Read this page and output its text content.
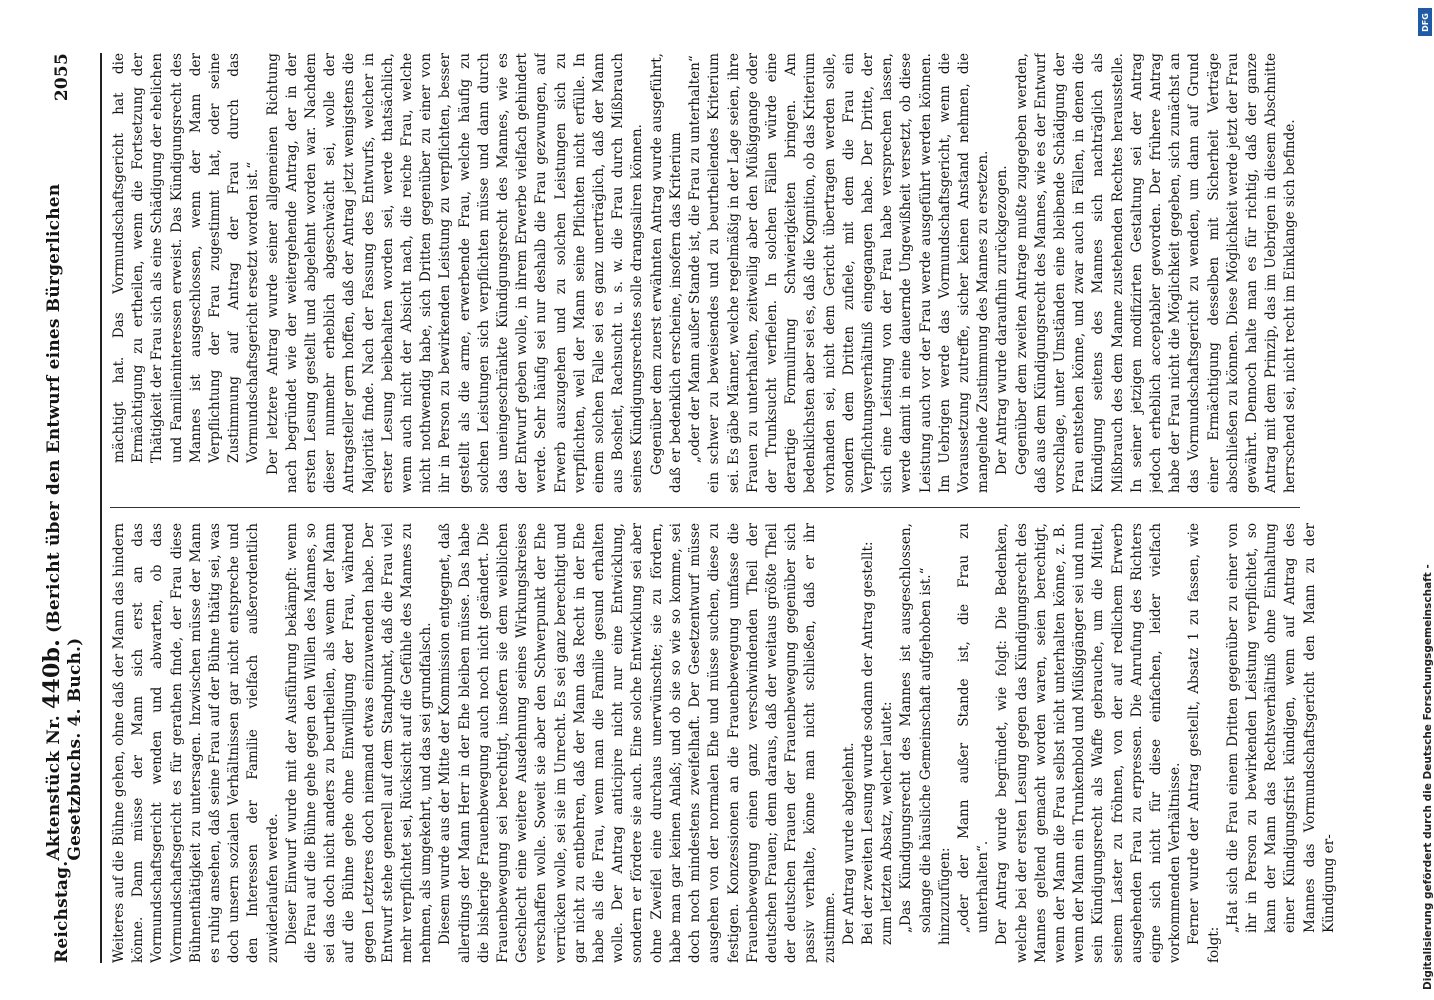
Reichstag.
Aktenstück Nr. 440b. (Bericht über den Entwurf eines Bürgerlichen Gesetzbuchs. 4. Buch.)
2055

Weiteres auf die Bühne gehen, ohne daß der Mann das hindern könne. Dann müsse der Mann sich erst an das Vormundschaftsgericht wenden und abwarten, ob das Vormundschaftsgericht es für gerathen finde, der Frau diese Bühnenthätigkeit zu untersagen. Inzwischen müsse der Mann es ruhig ansehen, daß seine Frau auf der Bühne thätig sei, was doch unsern sozialen Verhältnissen gar nicht entspreche und den Interessen der Familie vielfach außerordentlich zuwiderlaufen werde. Dieser Einwurf wurde mit der Ausführung bekämpft: wenn die Frau auf die Bühne gehe gegen den Willen des Mannes, so sei das doch nicht anders zu beurtheilen, als wenn der Mann auf die Bühne gehe ohne Einwilligung der Frau, während gegen Letzteres doch niemand etwas einzuwenden habe. Der Entwurf stehe generell auf dem Standpunkt, daß die Frau viel mehr verpflichtet sei, Rücksicht auf die Gefühle des Mannes zu nehmen, als umgekehrt, und das sei grundfalsch. Diesem wurde aus der Mitte der Kommission entgegnet, daß allerdings der Mann Herr in der Ehe bleiben müsse. Das habe die bisherige Frauenbewegung auch noch nicht geändert. Die Frauenbewegung sei berechtigt, insofern sie dem weiblichen Geschlecht eine weitere Ausdehnung seines Wirkungskreises verschaffen wolle. Soweit sie aber den Schwerpunkt der Ehe verrücken wolle, sei sie im Unrecht. Es sei ganz berechtigt und gar nicht zu entbehren, daß der Mann das Recht in der Ehe habe als die Frau, wenn man die Familie gesund erhalten wolle. Der Antrag anticipire nicht nur eine Entwicklung, sondern er fördere sie auch. Eine solche Entwicklung sei aber ohne Zweifel eine durchaus unerwünschte; sie zu fördern, habe man gar keinen Anlaß; und ob sie so wie so komme, sei doch noch mindestens zweifelhaft. Der Gesetzentwurf müsse ausgehen von der normalen Ehe und müsse suchen, diese zu festigen. Konzessionen an die Frauenbewegung umfasse die Frauenbewegung einen ganz verschwindenden Theil der deutschen Frauen; denn daraus, daß der weitaus größte Theil der deutschen Frauen der Frauenbewegung gegenüber sich passiv verhalte, könne man nicht schließen, daß er ihr zustimme. Der Antrag wurde abgelehnt. Bei der zweiten Lesung wurde sodann der Antrag gestellt: zum letzten Absatz, welcher lautet: „Das Kündigungsrecht des Mannes ist ausgeschlossen, solange die häusliche Gemeinschaft aufgehoben ist.“ hinzuzufügen: „oder der Mann außer Stande ist, die Frau zu unterhalten“. Der Antrag wurde begründet, wie folgt: Die Bedenken, welche bei der ersten Lesung gegen das Kündigungsrecht des Mannes geltend gemacht worden waren, seien berechtigt, wenn der Mann die Frau selbst nicht unterhalten könne, z. B. wenn der Mann ein Trunkenbold und Müßiggänger sei und nun sein Kündigungsrecht als Waffe gebrauche, um die Mittel, seinem Laster zu fröhnen, von der auf redlichem Erwerb ausgehenden Frau zu erpressen. Die Anrufung des Richters eigne sich nicht für diese einfachen, leider vielfach vorkommenden Verhältnisse. Ferner wurde der Antrag gestellt, Absatz 1 zu fassen, wie folgt:

„Hat sich die Frau einem Dritten gegenüber zu einer von ihr in Person zu bewirkenden Leistung verpflichtet, so kann der Mann das Rechtsverhältniß ohne Einhaltung einer Kündigungsfrist kündigen, wenn auf Antrag des Mannes das Vormundschaftsgericht den Mann zu der Kündigung er-

mächtigt hat. Das Vormundschaftsgericht hat die Ermächtigung zu ertheilen, wenn die Fortsetzung der Thätigkeit der Frau sich als eine Schädigung der ehelichen und Familieninteressen erweist. Das Kündigungsrecht des Mannes ist ausgeschlossen, wenn der Mann der Verpflichtung der Frau zugestimmt hat, oder seine Zustimmung auf Antrag der Frau durch das Vormundschaftsgericht ersetzt worden ist.“ Der letztere Antrag wurde seiner allgemeinen Richtung nach begründet wie der weitergehende Antrag, der in der ersten Lesung gestellt und abgelehnt worden war. Nachdem dieser nunmehr erheblich abgeschwächt sei, wolle der Antragsteller gern hoffen, daß der Antrag jetzt wenigstens die Majorität finde. Nach der Fassung des Entwurfs, welcher in erster Lesung beibehalten worden sei, werde thatsächlich, wenn auch nicht der Absicht nach, die reiche Frau, welche nicht nothwendig habe, sich Dritten gegenüber zu einer von ihr in Person zu bewirkenden Leistung zu verpflichten, besser gestellt als die arme, erwerbende Frau, welche häufig zu solchen Leistungen sich verpflichten müsse und dann durch das uneingeschränkte Kündigungsrecht des Mannes, wie es der Entwurf geben wolle, in ihrem Erwerbe vielfach gehindert werde. Sehr häufig sei nur deshalb die Frau gezwungen, auf Erwerb auszugehen und zu solchen Leistungen sich zu verpflichten, weil der Mann seine Pflichten nicht erfülle. In einem solchen Falle sei es ganz unerträglich, daß der Mann aus Bosheit, Rachsucht u. s. w. die Frau durch Mißbrauch seines Kündigungsrechtes solle drangsaliren können. Gegenüber dem zuerst erwähnten Antrag wurde ausgeführt, daß er bedenklich erscheine, insofern das Kriterium „oder der Mann außer Stande ist, die Frau zu unterhalten“ ein schwer zu beweisendes und zu beurtheilendes Kriterium sei. Es gäbe Männer, welche regelmäßig in der Lage seien, ihre Frauen zu unterhalten, zeitweilig aber den Müßiggange oder der Trunksucht verfielen. In solchen Fällen würde eine derartige Formulirung Schwierigkeiten bringen. Am bedenklichsten aber sei es, daß die Kognition, ob das Kriterium vorhanden sei, nicht dem Gericht übertragen werden solle, sondern dem Dritten zufiele, mit dem die Frau ein Verpflichtungsverhältniß eingegangen habe. Der Dritte, der sich eine Leistung von der Frau habe versprechen lassen, werde damit in eine dauernde Ungewißheit versetzt, ob diese Leistung auch vor der Frau werde ausgeführt werden können. Im Uebrigen werde das Vormundschaftsgericht, wenn die Voraussetzung zutreffe, sicher keinen Anstand nehmen, die mangelnde Zustimmung des Mannes zu ersetzen. Der Antrag wurde daraufhin zurückgezogen. Gegenüber dem zweiten Antrage mußte zugegeben werden, daß aus dem Kündigungsrecht des Mannes, wie es der Entwurf vorschlage, unter Umständen eine bleibende Schädigung der Frau entstehen könne, und zwar auch in Fällen, in denen die Kündigung seitens des Mannes sich nachträglich als Mißbrauch des dem Manne zustehenden Rechtes herausstelle. In seiner jetzigen modifizirten Gestaltung sei der Antrag jedoch erheblich acceptabler geworden. Der frühere Antrag habe der Frau nicht die Möglichkeit gegeben, sich zunächst an das Vormundschaftsgericht zu wenden, um dann auf Grund einer Ermächtigung desselben mit Sicherheit Verträge abschließen zu können. Diese Möglichkeit werde jetzt der Frau gewährt. Dennoch halte man es für richtig, daß der ganze Antrag mit dem Prinzip, das im Uebrigen in diesem Abschnitte herrschend sei, nicht recht im Einklange sich befinde.

Digitalisierung gefördert durch die Deutsche Forschungsgemeinschaft -
DFG
